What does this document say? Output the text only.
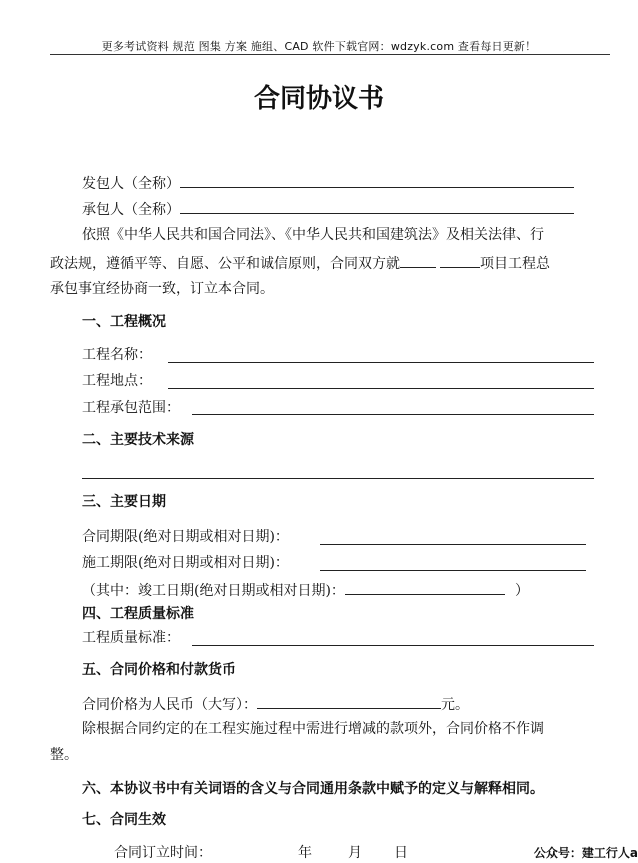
更多考试资料 规范 图集 方案 施组、CAD 软件下载官网：wdzyk.com 查看每日更新！
合同协议书
发包人（全称）
承包人（全称）
依照《中华人民共和国合同法》、《中华人民共和国建筑法》及相关法律、行
政法规，遵循平等、自愿、公平和诚信原则，合同双方就	项目工程总
承包事宜经协商一致，订立本合同。
一、工程概况
工程名称：
工程地点：
工程承包范围：
二、主要技术来源
三、主要日期
合同期限(绝对日期或相对日期)：
施工期限(绝对日期或相对日期)：
（其中：竣工日期(绝对日期或相对日期)：	）
四、工程质量标准
工程质量标准：
五、合同价格和付款货币
合同价格为人民币（大写）：	元。
除根据合同约定的在工程实施过程中需进行增减的款项外，合同价格不作调
整。
六、本协议书中有关词语的含义与合同通用条款中赋予的定义与解释相同。
七、合同生效
合同订立时间：	年	月 日	公众号：建工行人a
